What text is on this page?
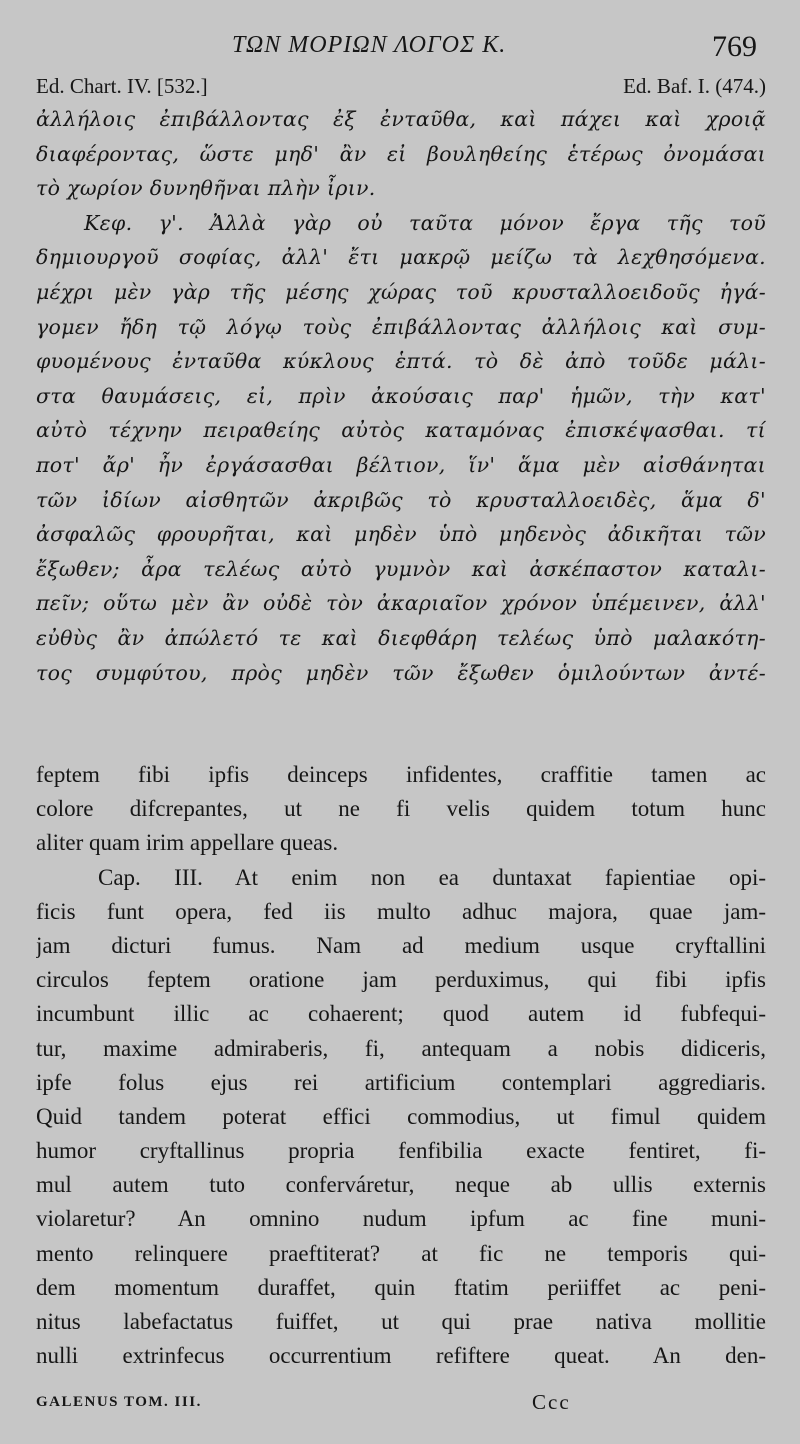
ΤΩΝ ΜΟΡΙΩΝ ΛΟΓΟΣ Κ.	769
Ed. Chart. IV. [532.]	Ed. Baf. I. (474.)
ἀλλήλοις ἐπιβάλλοντας ἐξ ἐνταῦθα, καὶ πάχει καὶ χροιᾷ
διαφέροντας, ὥστε μηδ' ἂν εἰ βουληθείης ἑτέρως ὀνομάσαι
τὸ χωρίον δυνηθῆναι πλὴν ἶριν.
Κεφ. γ'. Ἀλλὰ γὰρ οὐ ταῦτα μόνον ἔργα τῆς τοῦ
δημιουργοῦ σοφίας, ἀλλ' ἔτι μακρῷ μείζω τὰ λεχθησόμενα.
μέχρι μὲν γὰρ τῆς μέσης χώρας τοῦ κρυσταλλοειδοῦς ἠγά-
γομεν ἤδη τῷ λόγῳ τοὺς ἐπιβάλλοντας ἀλλήλοις καὶ συμ-
φυομένους ἐνταῦθα κύκλους ἑπτά. τὸ δὲ ἀπὸ τοῦδε μάλι-
στα θαυμάσεις, εἰ, πρὶν ἀκούσαις παρ' ἡμῶν, τὴν κατ'
αὐτὸ τέχνην πειραθείης αὐτὸς καταμόνας ἐπισκέψασθαι. τί
ποτ' ἄρ' ἦν ἐργάσασθαι βέλτιον, ἵν' ἅμα μὲν αἰσθάνηται
τῶν ἰδίων αἰσθητῶν ἀκριβῶς τὸ κρυσταλλοειδὲς, ἅμα δ'
ἀσφαλῶς φρουρῆται, καὶ μηδὲν ὑπὸ μηδενὸς ἀδικῆται τῶν
ἔξωθεν; ἆρα τελέως αὐτὸ γυμνὸν καὶ ἀσκέπαστον καταλι-
πεῖν; οὕτω μὲν ἂν οὐδὲ τὸν ἀκαριαῖον χρόνον ὑπέμεινεν, ἀλλ'
εὐθὺς ἂν ἀπώλετό τε καὶ διεφθάρη τελέως ὑπὸ μαλακότη-
τος συμφύτου, πρὸς μηδὲν τῶν ἔξωθεν ὁμιλούντων ἀντέ-
feptem fibi ipfis deinceps infidentes, craffitie tamen ac
colore difcrepantes, ut ne fi velis quidem totum hunc
aliter quam irim appellare queas.
Cap. III. At enim non ea duntaxat fapientiae opi-
ficis funt opera, fed iis multo adhuc majora, quae jam-
jam dicturi fumus. Nam ad medium usque cryftallini
circulos feptem oratione jam perduximus, qui fibi ipfis
incumbunt illic ac cohaerent; quod autem id fubfequi-
tur, maxime admiraberis, fi, antequam a nobis didiceris,
ipfe folus ejus rei artificium contemplari aggrediaris.
Quid tandem poterat effici commodius, ut fimul quidem
humor cryftallinus propria fenfibilia exacte fentiret, fi-
mul autem tuto conferváretur, neque ab ullis externis
violaretur? An omnino nudum ipfum ac fine muni-
mento relinquere praeftiterat? at fic ne temporis qui-
dem momentum duraffet, quin ftatim periiffet ac peni-
nitus labefactatus fuiffet, ut qui prae nativa mollitie
nulli extrinfecus occurrentium refiftere queat. An den-
GALENUS TOM. III.	Ccc
